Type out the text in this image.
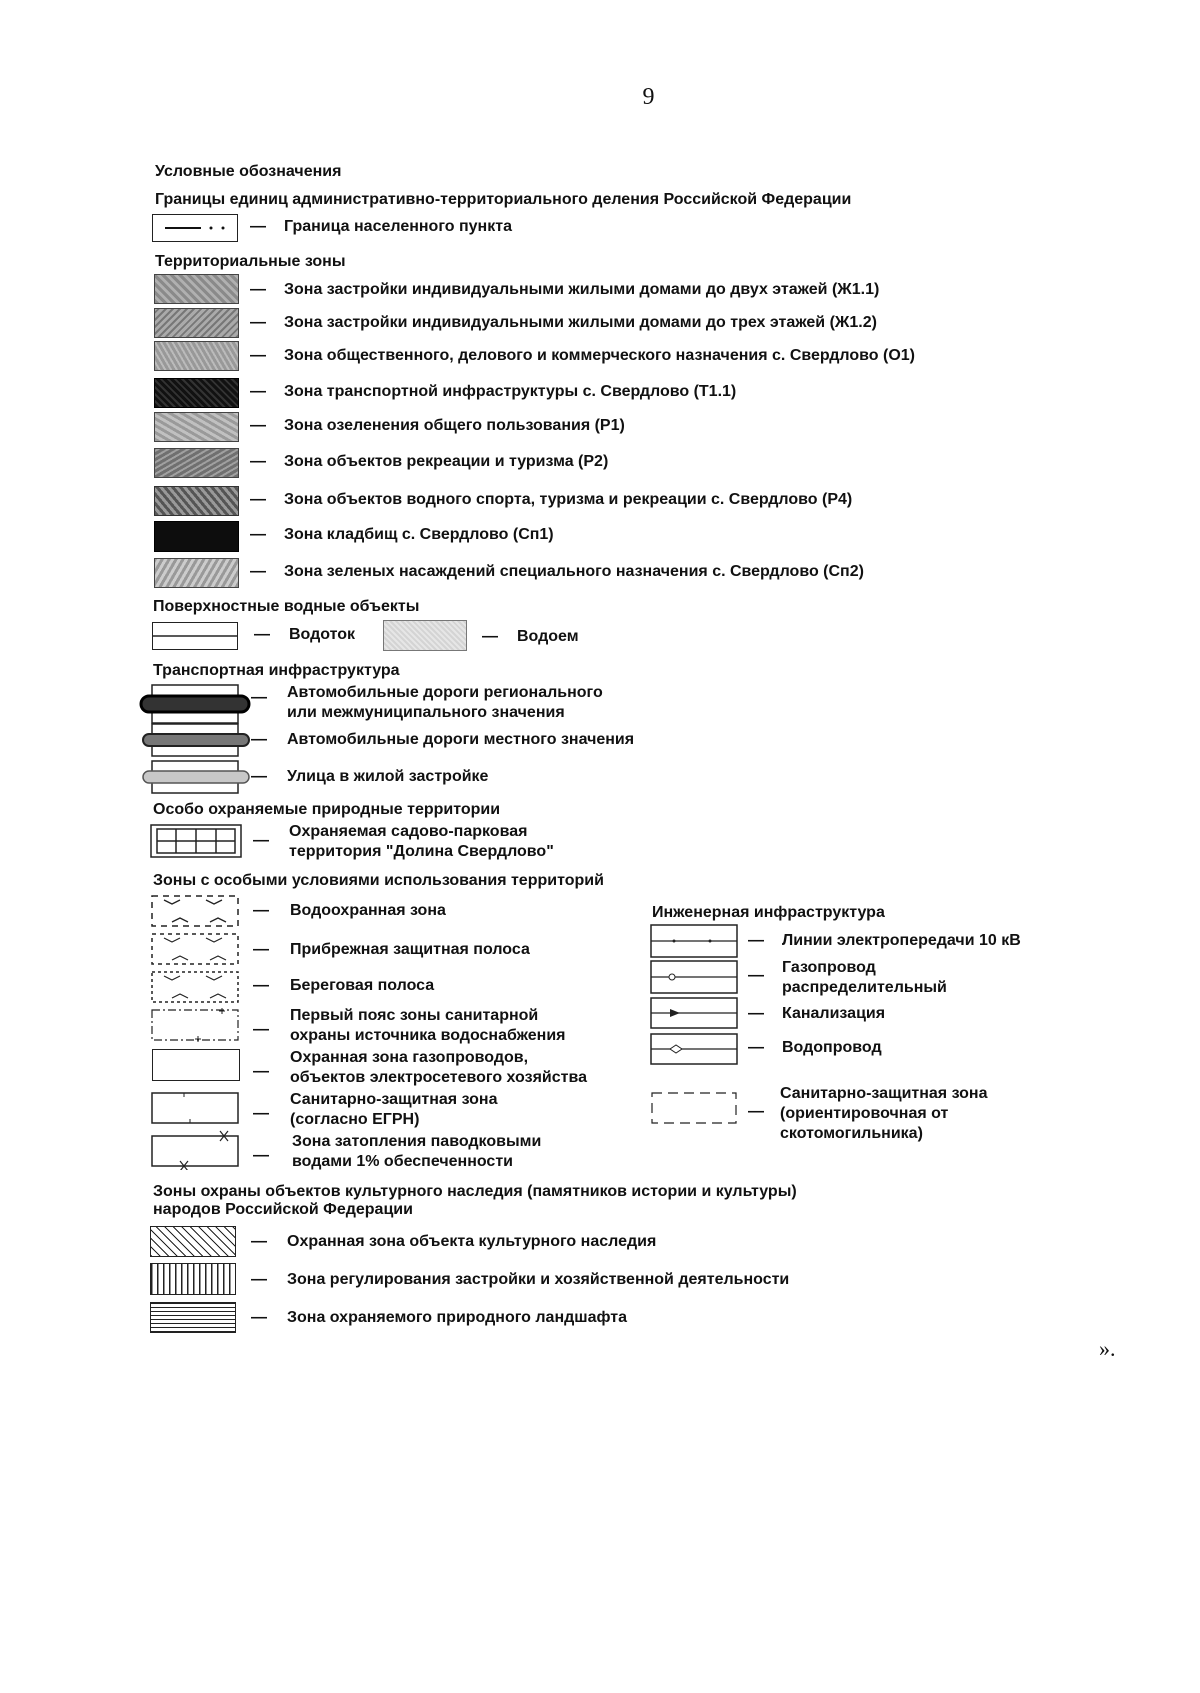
9
Условные обозначения
Границы единиц административно-территориального деления Российской Федерации
— Граница населенного пункта
Территориальные зоны
— Зона застройки индивидуальными жилыми домами до двух этажей (Ж1.1)
— Зона застройки индивидуальными жилыми домами до трех этажей (Ж1.2)
— Зона общественного, делового и коммерческого назначения с. Свердлово (О1)
— Зона транспортной инфраструктуры с. Свердлово (Т1.1)
— Зона озеленения общего пользования (Р1)
— Зона объектов рекреации и туризма (Р2)
— Зона объектов водного спорта, туризма и рекреации с. Свердлово (Р4)
— Зона кладбищ с. Свердлово (Сп1)
— Зона зеленых насаждений специального назначения с. Свердлово (Сп2)
Поверхностные водные объекты
— Водоток	— Водоем
Транспортная инфраструктура
— Автомобильные дороги регионального
или межмуниципального значения
— Автомобильные дороги местного значения
— Улица в жилой застройке
Особо охраняемые природные территории
—
Охраняемая садово-парковая
территория "Долина Свердлово"
Зоны с особыми условиями использования территорий
— Водоохранная зона
— Прибрежная защитная полоса
— Береговая полоса
—
Первый пояс зоны санитарной
охраны источника водоснабжения
—
Охранная зона газопроводов,
объектов электросетевого хозяйства
—
Санитарно-защитная зона
(согласно ЕГРН)
—
Зона затопления паводковыми
водами 1% обеспеченности
Инженерная инфраструктура
— Линии электропередачи 10 кВ
— Газопровод
распределительный
— Канализация
— Водопровод
—
Санитарно-защитная зона
(ориентировочная от
скотомогильника)
Зоны охраны объектов культурного наследия (памятников истории и культуры)
народов Российской Федерации
— Охранная зона объекта культурного наследия
— Зона регулирования застройки и хозяйственной деятельности
— Зона охраняемого природного ландшафта
».
